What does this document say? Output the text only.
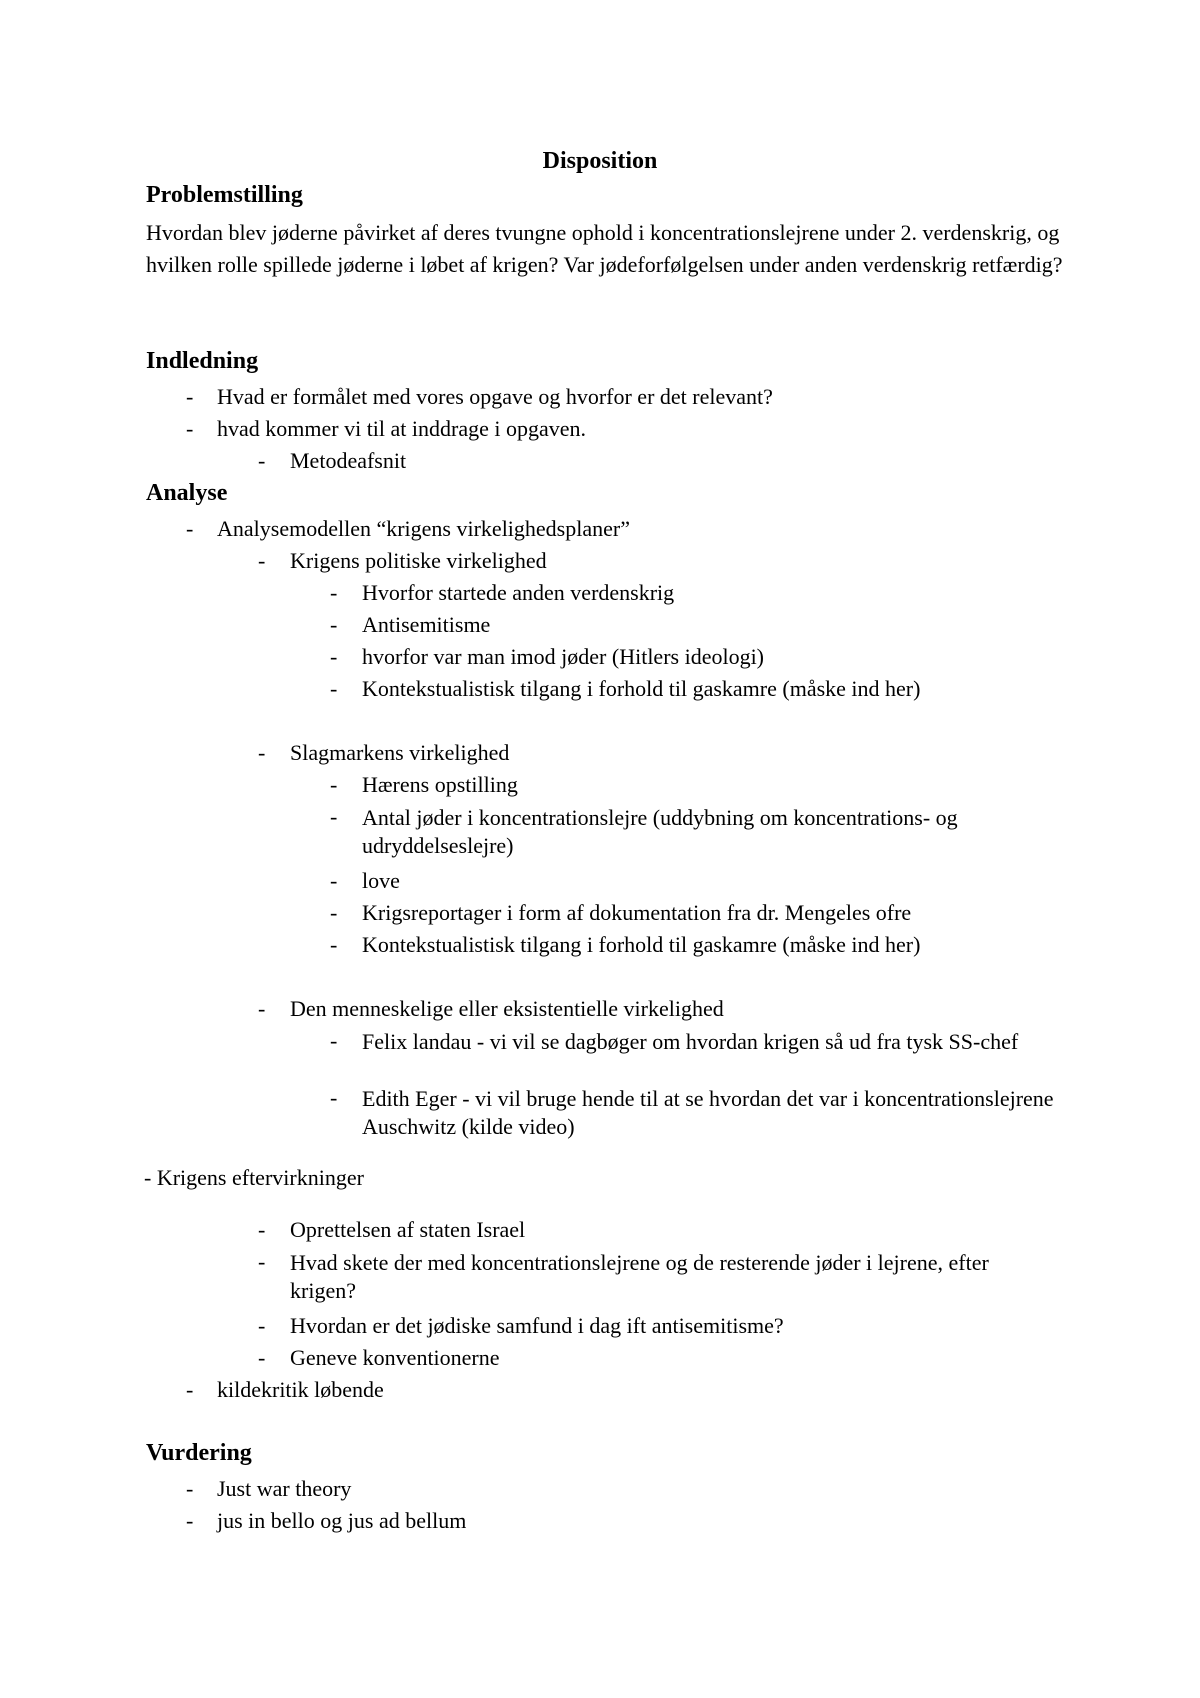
Disposition
Problemstilling
Hvordan blev jøderne påvirket af deres tvungne ophold i koncentrationslejrene under 2. verdenskrig, og hvilken rolle spillede jøderne i løbet af krigen? Var jødeforfølgelsen under anden verdenskrig retfærdig?
Indledning
- Hvad er formålet med vores opgave og hvorfor er det relevant?
- hvad kommer vi til at inddrage i opgaven.
- Metodeafsnit
Analyse
- Analysemodellen “krigens virkelighedsplaner”
- Krigens politiske virkelighed
- Hvorfor startede anden verdenskrig
- Antisemitisme
- hvorfor var man imod jøder (Hitlers ideologi)
- Kontekstualistisk tilgang i forhold til gaskamre (måske ind her)
- Slagmarkens virkelighed
- Hærens opstilling
- Antal jøder i koncentrationslejre (uddybning om koncentrations- og udryddelseslejre)
- love
- Krigsreportager i form af dokumentation fra dr. Mengeles ofre
- Kontekstualistisk tilgang i forhold til gaskamre (måske ind her)
- Den menneskelige eller eksistentielle virkelighed
- Felix landau - vi vil se dagbøger om hvordan krigen så ud fra tysk SS-chef
- Edith Eger - vi vil bruge hende til at se hvordan det var i koncentrationslejrene Auschwitz (kilde video)
- Krigens eftervirkninger
- Oprettelsen af staten Israel
- Hvad skete der med koncentrationslejrene og de resterende jøder i lejrene, efter krigen?
- Hvordan er det jødiske samfund i dag ift antisemitisme?
- Geneve konventionerne
- kildekritik løbende
Vurdering
- Just war theory
- jus in bello og jus ad bellum
